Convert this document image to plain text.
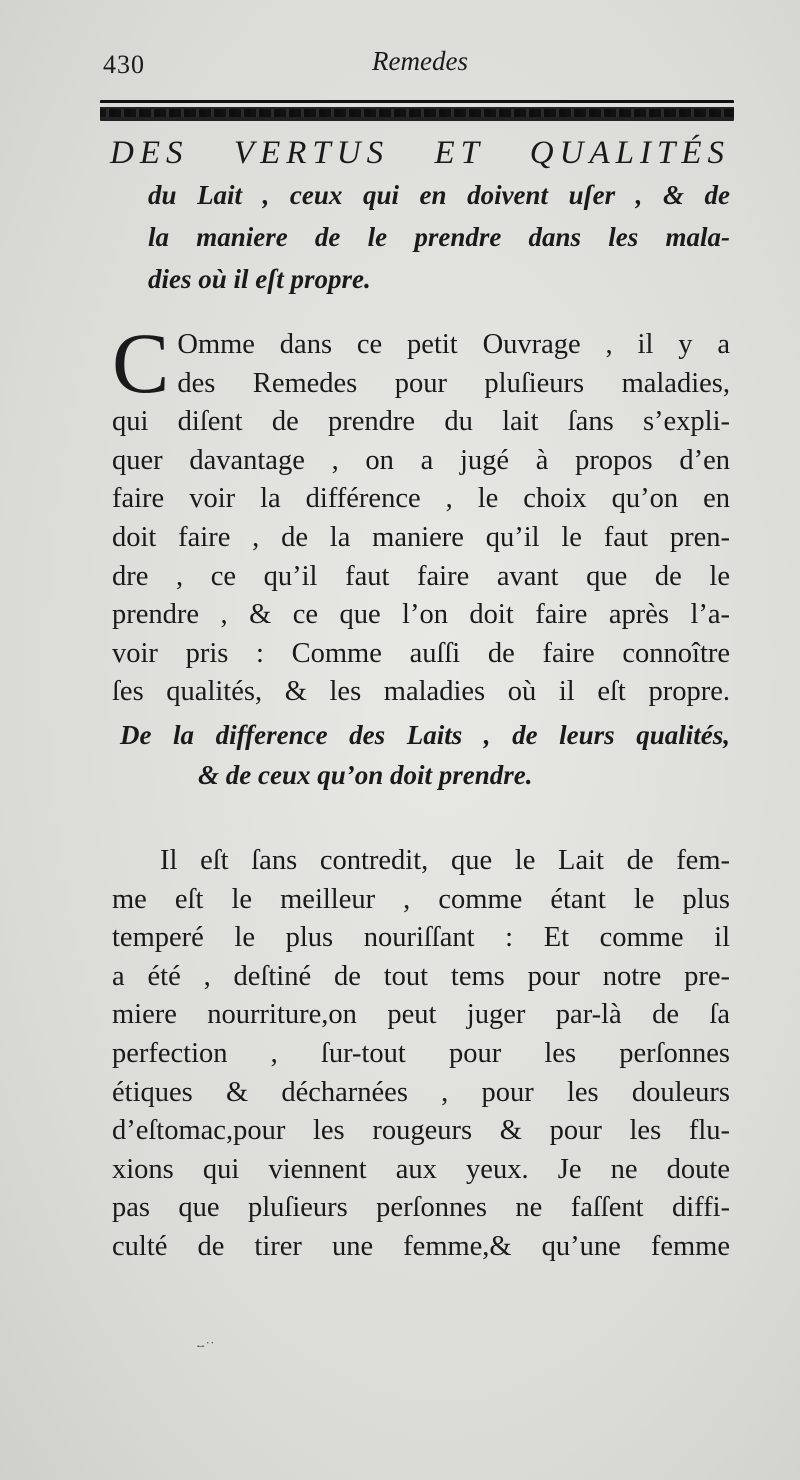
430	Remedes
DES VERTUS ET QUALITÉS
du Lait , ceux qui en doivent uſer , & de
la maniere de le prendre dans les mala-
dies où il eſt propre.
C Omme dans ce petit Ouvrage , il y a
des Remedes pour pluſieurs maladies,
qui diſent de prendre du lait ſans s’expli-
quer davantage , on a jugé à propos d’en
faire voir la différence , le choix qu’on en
doit faire , de la maniere qu’il le faut pren-
dre , ce qu’il faut faire avant que de le
prendre , & ce que l’on doit faire après l’a-
voir pris : Comme auſſi de faire connoître
ſes qualités, & les maladies où il eſt propre.
De la difference des Laits , de leurs qualités,
& de ceux qu’on doit prendre.
Il eſt ſans contredit, que le Lait de fem-
me eſt le meilleur , comme étant le plus
temperé le plus nouriſſant : Et comme il
a été , deſtiné de tout tems pour notre pre-
miere nourriture,on peut juger par-là de ſa
perfection , ſur-tout pour les perſonnes
étiques & décharnées , pour les douleurs
d’eſtomac,pour les rougeurs & pour les flu-
xions qui viennent aux yeux. Je ne doute
pas que pluſieurs perſonnes ne faſſent diffi-
culté de tirer une femme,& qu’une femme
·̶·˙˙
